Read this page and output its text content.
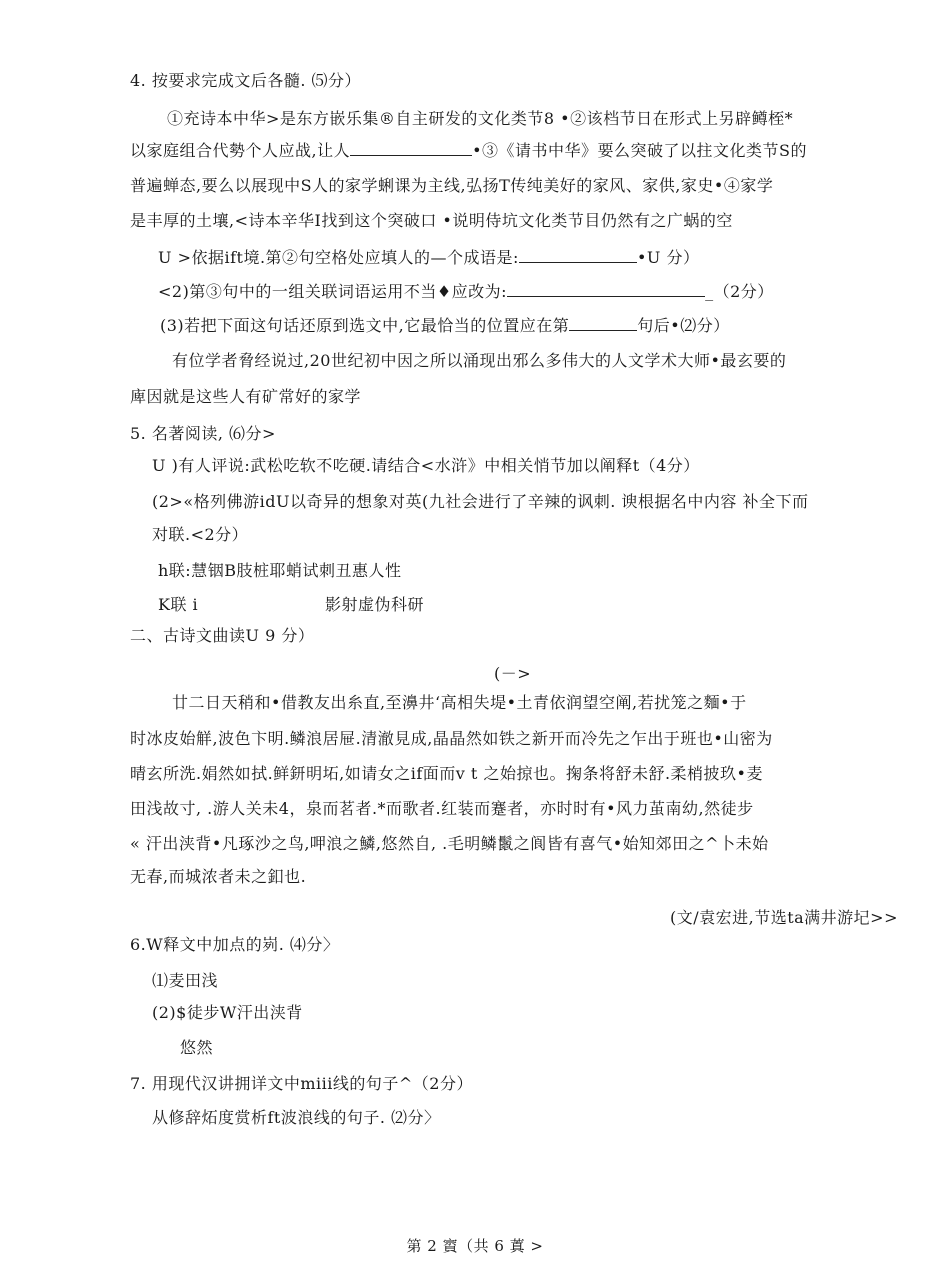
4. 按要求完成文后各髓. ⑸分）
①充诗本中华>是东方嵌乐集®自主研发的文化类节8 •②该档节日在形式上另辟鳟桎*
以家庭组合代勢个人应战,让人	•③《请书中华》要么突破了以拄文化类节S的
普遍蝉态,要么以展现中S人的家学蜊课为主线,弘扬T传纯美好的家风、家供,家史•④家学
是丰厚的土壤,<诗本辛华I找到这个突破口 •说明侍坑文化类节目仍然有之广蜗的空
U >依据ift境.第②句空格处应填人的—个成语是:	•U 分）
<2)第③句中的一组关联词语运用不当♦应改为:	_（2分）
(3)若把下面这句话还原到选文中,它最恰当的位置应在第	句后•⑵分）
有位学者脅经说过,20世纪初中因之所以涌现出邪么多伟大的人文学术大师•最玄要的
庳因就是这些人有矿常好的家学
5. 名著阅读, ⑹分>
U )有人评说:武松吃软不吃硬.请结合<水浒》中相关悄节加以阐释t（4分）
(2>«格列佛游idU以奇异的想象对英(九社会进行了辛辣的讽刺. 谀根据名中内容 补全下而
对联.<2分）
h联:慧铟B肢桩耶蛸试刺丑惠人性
K联 i	影射虚伪科研
二、古诗文曲读U 9 分）
(－>
廿二日天稍和•借教友出糸直,至濞井‘高相失堤•土青依润望空阐,若扰笼之麵•于
时冰皮始觧,波色卞明.鳞浪居屉.清澈見成,晶晶然如铁之新开而冷先之乍出于班也•山密为
晴玄所洗.娟然如拭.鲜鈃明坧,如请女之if面而v t 之始掠也。掬条将舒未舒.柔梢披玖•麦
田浅故寸, .游人关未4，泉而茗者.*而歌者.红装而蹇者，亦时时有•风力茧南幼,然徒步
« 汗出浃背•凡琢沙之鸟,呷浪之鱗,悠然自, .毛明鳞鬛之阆皆有喜气•始知郊田之^卜未始
无春,而城浓者未之釦也.
(文/袁宏进,节选ta满井游圮>>
6.W释文中加点的峛. ⑷分〉
⑴麦田浅
(2)$徒步W汗出浃背
悠然
7. 用现代汉讲拥详文中miii线的句子^（2分）
从修辞炻度赏析ft波浪线的句子. ⑵分〉
第 2 賨（共 6 蒖 >
